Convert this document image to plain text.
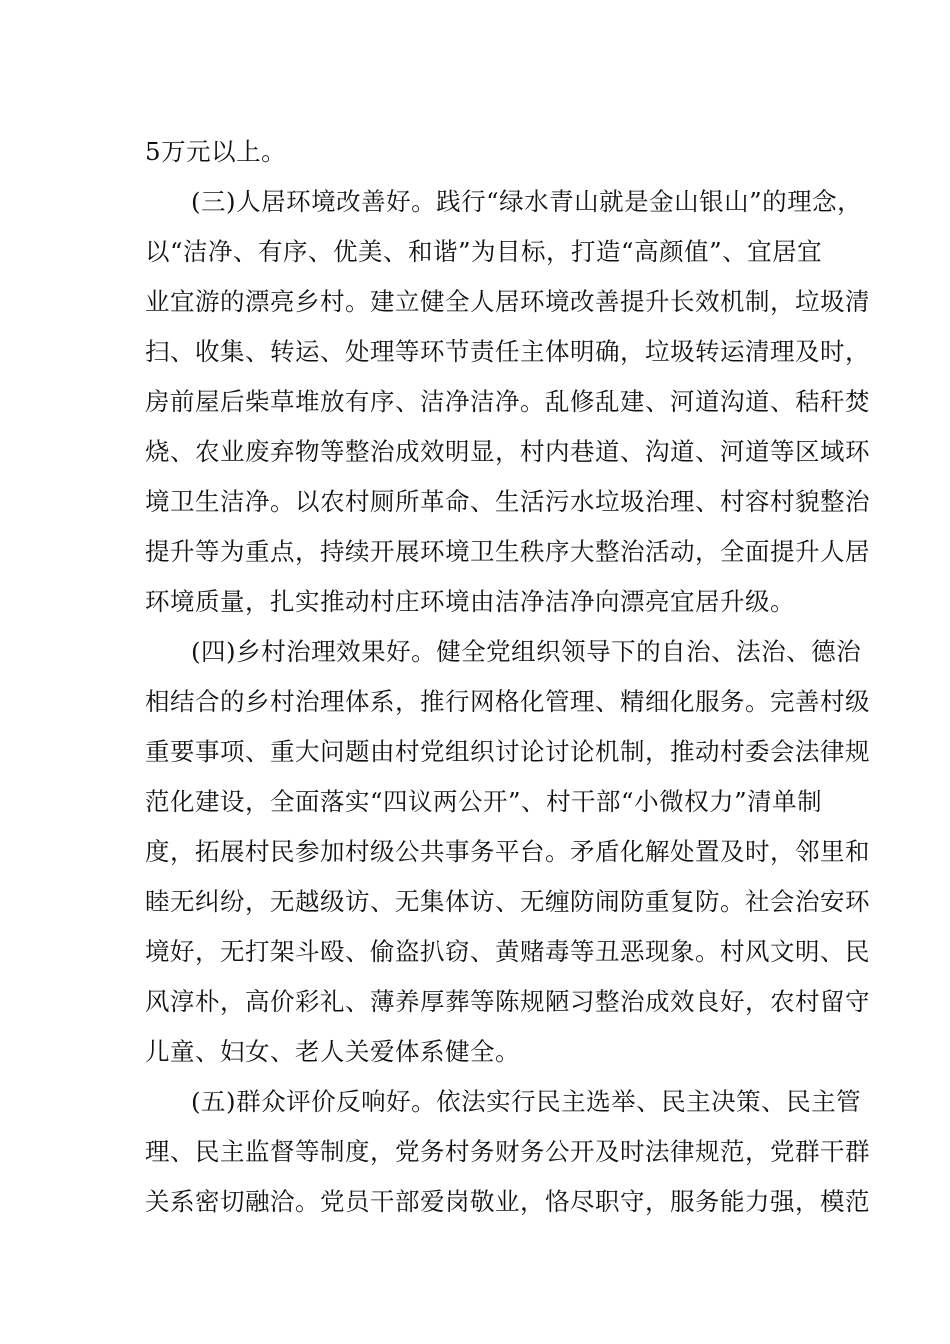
5万元以上。
(三)人居环境改善好。践行“绿水青山就是金山银山”的理念，
以“洁净、有序、优美、和谐”为目标，打造“高颜值”、宜居宜
业宜游的漂亮乡村。建立健全人居环境改善提升长效机制，垃圾清
扫、收集、转运、处理等环节责任主体明确，垃圾转运清理及时，
房前屋后柴草堆放有序、洁净洁净。乱修乱建、河道沟道、秸秆焚
烧、农业废弃物等整治成效明显，村内巷道、沟道、河道等区域环
境卫生洁净。以农村厕所革命、生活污水垃圾治理、村容村貌整治
提升等为重点，持续开展环境卫生秩序大整治活动，全面提升人居
环境质量，扎实推动村庄环境由洁净洁净向漂亮宜居升级。
(四)乡村治理效果好。健全党组织领导下的自治、法治、德治
相结合的乡村治理体系，推行网格化管理、精细化服务。完善村级
重要事项、重大问题由村党组织讨论讨论机制，推动村委会法律规
范化建设，全面落实“四议两公开”、村干部“小微权力”清单制
度，拓展村民参加村级公共事务平台。矛盾化解处置及时，邻里和
睦无纠纷，无越级访、无集体访、无缠防闹防重复防。社会治安环
境好，无打架斗殴、偷盗扒窃、黄赌毒等丑恶现象。村风文明、民
风淳朴，高价彩礼、薄养厚葬等陈规陋习整治成效良好，农村留守
儿童、妇女、老人关爱体系健全。
(五)群众评价反响好。依法实行民主选举、民主决策、民主管
理、民主监督等制度，党务村务财务公开及时法律规范，党群干群
关系密切融洽。党员干部爱岗敬业，恪尽职守，服务能力强，模范
